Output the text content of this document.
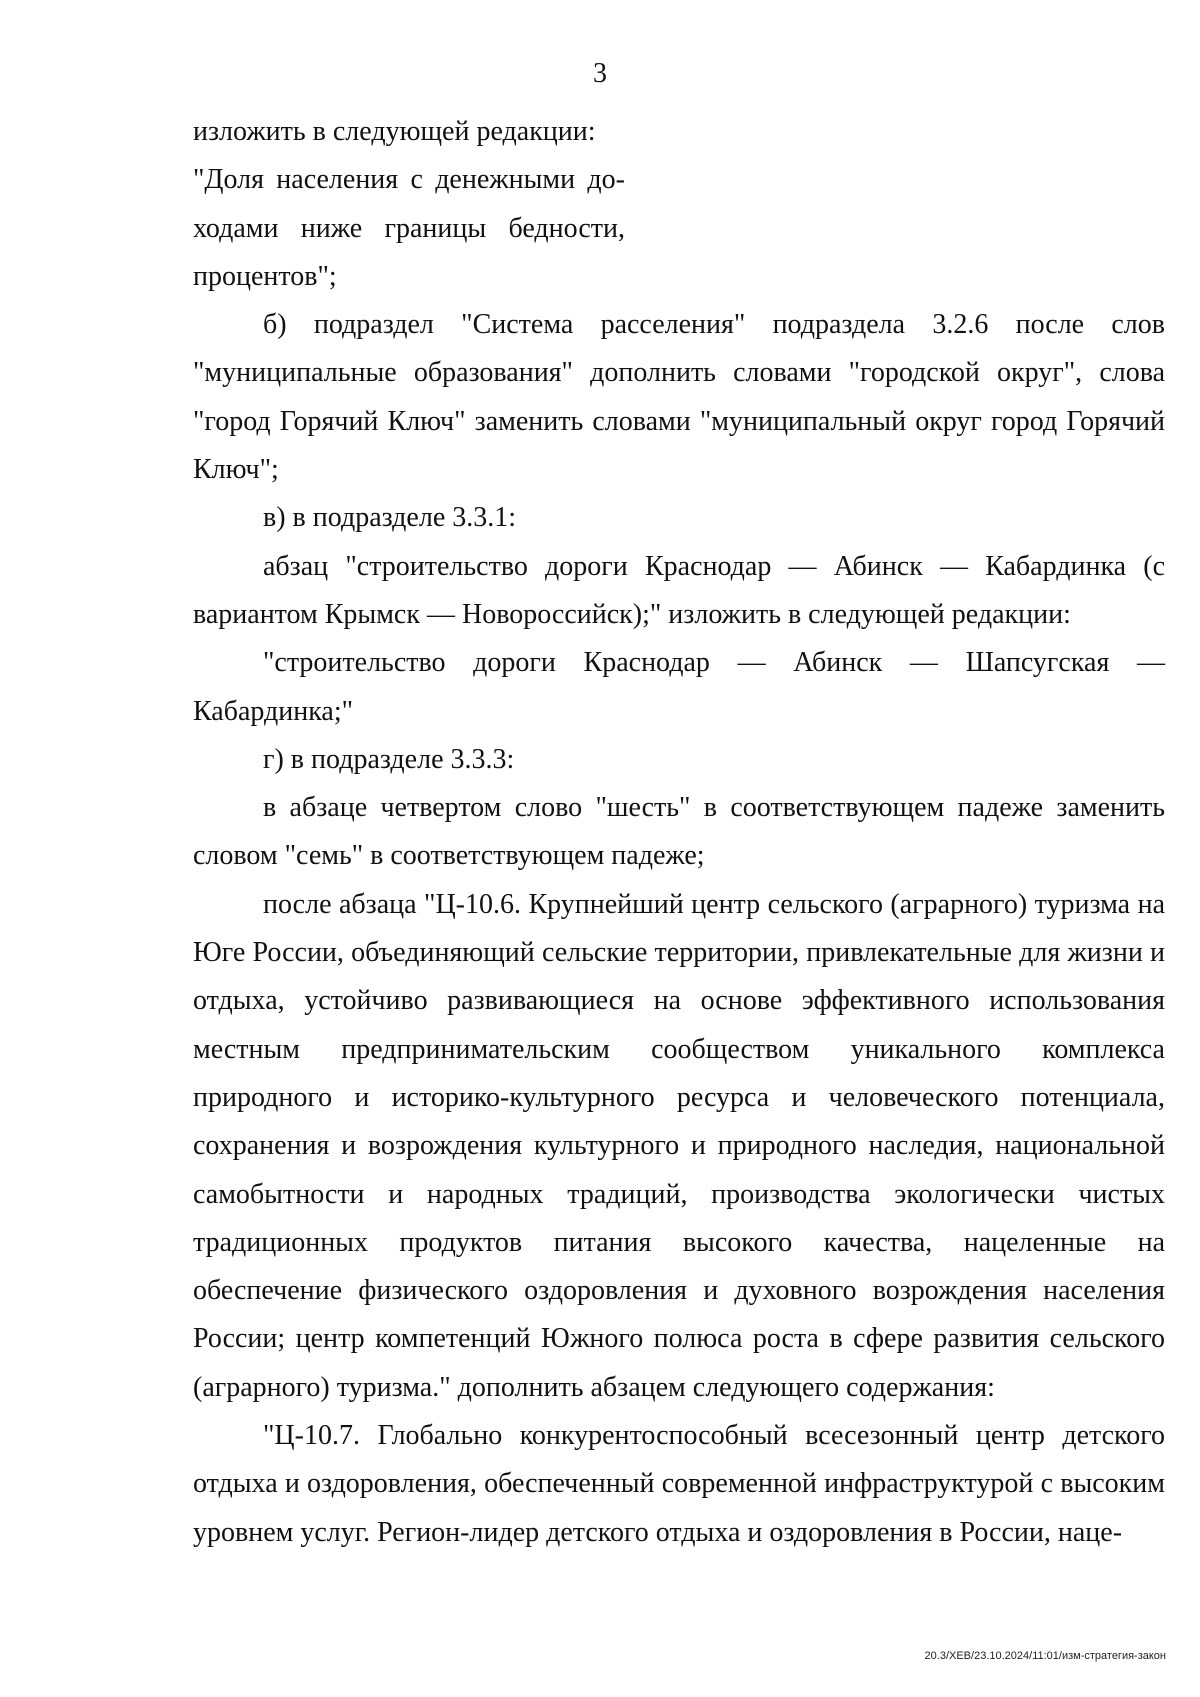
3

изложить в следующей редакции:

"Доля населения с денежными до-

ходами ниже границы бедности,

процентов";

б) подраздел "Система расселения" подраздела 3.2.6 после слов "муниципальные образования" дополнить словами "городской округ", слова "город Горячий Ключ" заменить словами "муниципальный округ город Горячий Ключ";

в) в подразделе 3.3.1:

абзац "строительство дороги Краснодар — Абинск — Кабардинка (с вариантом Крымск — Новороссийск);" изложить в следующей редакции:

"строительство дороги Краснодар — Абинск — Шапсугская — Кабардинка;"

г) в подразделе 3.3.3:

в абзаце четвертом слово "шесть" в соответствующем падеже заменить словом "семь" в соответствующем падеже;

после абзаца "Ц-10.6. Крупнейший центр сельского (аграрного) туризма на Юге России, объединяющий сельские территории, привлекательные для жизни и отдыха, устойчиво развивающиеся на основе эффективного использования местным предпринимательским сообществом уникального комплекса природного и историко-культурного ресурса и человеческого потенциала, сохранения и возрождения культурного и природного наследия, национальной самобытности и народных традиций, производства экологически чистых традиционных продуктов питания высокого качества, нацеленные на обеспечение физического оздоровления и духовного возрождения населения России; центр компетенций Южного полюса роста в сфере развития сельского (аграрного) туризма." дополнить абзацем следующего содержания:

"Ц-10.7. Глобально конкурентоспособный всесезонный центр детского отдыха и оздоровления, обеспеченный современной инфраструктурой с высоким уровнем услуг. Регион-лидер детского отдыха и оздоровления в России, наце-

20.3/ХЕВ/23.10.2024/11:01/изм-стратегия-закон
